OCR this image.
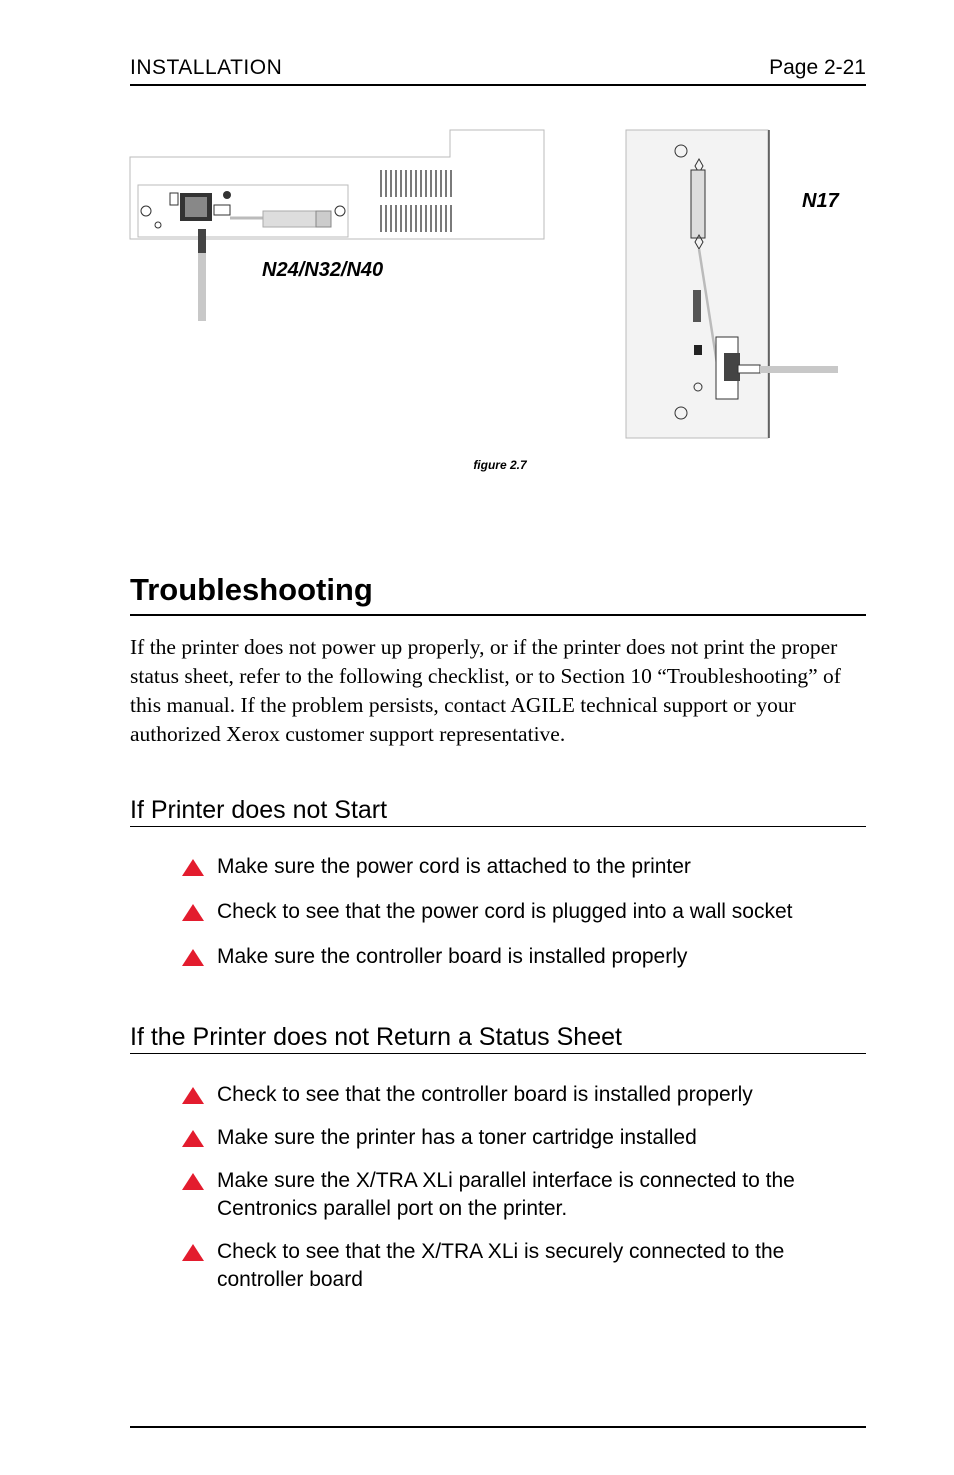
INSTALLATION	Page 2-21
N24/N32/N40
N17
figure 2.7
Troubleshooting
If the printer does not power up properly, or if the printer does not print the proper status sheet, refer to the following checklist, or to Section 10 “Troubleshooting” of this manual. If the problem persists, contact AGILE technical support or your authorized Xerox customer support representative.
If Printer does not Start
Make sure the power cord is attached to the printer
Check to see that the power cord is plugged into a wall socket
Make sure the controller board is installed properly
If the Printer does not Return a Status Sheet
Check to see that the controller board is installed properly
Make sure the printer has a toner cartridge installed
Make sure the X/TRA XLi parallel interface is connected to the Centronics parallel port on the printer.
Check to see that the X/TRA XLi is securely connected to the controller board
